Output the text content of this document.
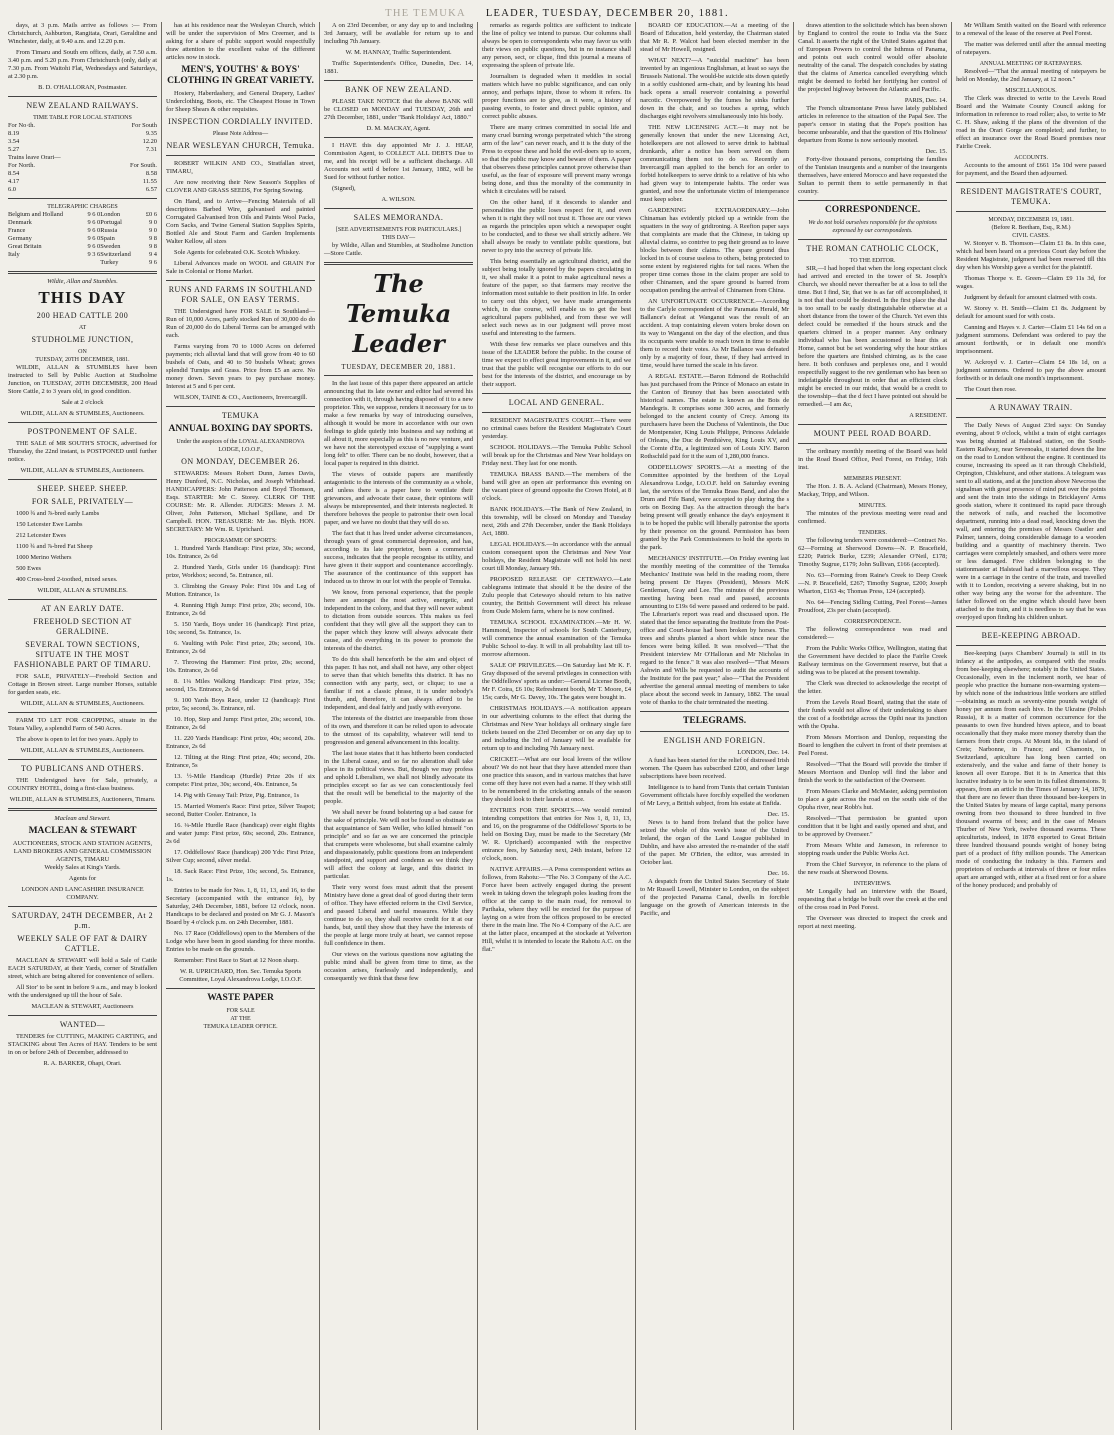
THE TEMUKA LEADER, TUESDAY, DECEMBER 20, 1881.

days, at 3 p.m. Mails arrive as follows :— From Christchurch, Ashburton, Rangitata, Orari, Geraldine and Winchester, daily, at 9.40 a.m. and 12.20 p.m.

From Timaru and South em offices, daily, at 7.50 a.m. 3.40 p.m. and 5.20 p.m. From Christchurch (only, daily at 7.30 p.m. From Waitohi Flat, Wednesdays and Saturdays, at 2.30 p.m.

B. D. O'HALLORAN, Postmaster.

NEW ZEALAND RAILWAYS.
TIME TABLE FOR LOCAL STATIONS
For No·th.	For South
8.19	9.35
3.54	12.20
5.27	7.31
Trains leave Orari—	
For North.	For South.
8.54	8.58
4.17	11.55
6.0	6.57
TELEGRAPHIC CHARGES
Belgium and Holland	9 6 0	London	£0 6
Denmark	9 6 0	Portugal	9 0
France	9 6 0	Russia	9 0
Germany	9 6 0	Spain	9 8
Great Britain	9 6 0	Sweden	9 8
Italy	9 3 6	Switzerland	9 4
		Turkey	9 6
Wildie, Allan and Stumbles.
THIS DAY
200 HEAD CATTLE 200
AT
STUDHOLME JUNCTION,
ON
TUESDAY, 20TH DECEMBER, 1881.

WILDIE, ALLAN & STUMBLES have been instructed to Sell by Public Auction at Studholme Junction, on TUESDAY, 20TH DECEMBER, 200 Head Store Cattle, 2 to 3 years old, in good condition.

Sale at 2 o'clock

WILDIE, ALLAN & STUMBLES, Auctioneers.

POSTPONEMENT OF SALE.

THE SALE of MR SOUTH'S STOCK, advertised for Thursday, the 22nd instant, is POSTPONED until further notice.

WILDIE, ALLAN & STUMBLES, Auctioneers.

SHEEP. SHEEP. SHEEP.
FOR SALE, PRIVATELY—

1000 ¾ and ⅞-bred early Lambs

150 Leicester Ewe Lambs

212 Leicester Ewes

1100 ¾ and ⅞-bred Fat Sheep

1000 Merino Wethers

500 Ewes

400 Cross-bred 2-toothed, mixed sexes.

WILDIE, ALLAN & STUMBLES.

AT AN EARLY DATE.
FREEHOLD SECTION AT GERALDINE.
SEVERAL TOWN SECTIONS, SITUATE IN THE MOST FASHIONABLE PART OF TIMARU.

FOR SALE, PRIVATELY—Freehold Section and Cottage in Brown street. Large number Horses, suitable for garden seats, etc.

WILDIE, ALLAN & STUMBLES, Auctioneers.

FARM TO LET FOR CROPPING, situate in the Totara Valley, a splendid Farm of 540 Acres.

The above is open to let for two years. Apply to

WILDIE, ALLAN & STUMBLES, Auctioneers.

TO PUBLICANS AND OTHERS.

THE Undersigned have for Sale, privately, a COUNTRY HOTEL, doing a first-class business.

WILDIE, ALLAN & STUMBLES, Auctioneers, Timaru.

Maclean and Stewart.
MACLEAN & STEWART
AUCTIONEERS, STOCK AND STATION AGENTS, LAND BROKERS AND GENERAL COMMISSION AGENTS, TIMARU

Weekly Sales at King's Yards.

Agents for

LONDON AND LANCASHIRE INSURANCE COMPANY.

SATURDAY, 24TH DECEMBER, At 2 p.m.
WEEKLY SALE OF FAT & DAIRY CATTLE.

MACLEAN & STEWART will hold a Sale of Cattle EACH SATURDAY, at their Yards, corner of Stratfallen street, which are being altered for convenience of sellers.

All Stor' to be sent in before 9 a.m., and may b looked with the undersigned up till the hour of Sale.

MACLEAN & STEWART, Auctioneers

WANTED—

TENDERS for CUTTING, MAKING CARTING, and STACKING about Ten Acres of HAY. Tenders to be sent in on or before 24th of December, addressed to

R. A. BARKER, Ohapi, Orari.

has at his residence near the Wesleyan Church, which will be under the supervision of Mrs Creemer, and is asking for a share of public support would respectfully draw attention to the excellent value of the different articles now in stock.

MEN'S, YOUTHS' & BOYS' CLOTHING IN GREAT VARIETY.

Hosiery, Haberdashery, and General Drapery, Ladies' Underclothing, Boots, etc. The Cheapest House in Town for Sheep Shears & other requisites.

INSPECTION CORDIALLY INVITED.
Please Note Address—
NEAR WESLEYAN CHURCH, Temuka.

ROBERT WILKIN AND CO., Stratfallan street, TIMARU,

Are now receiving their New Season's Supplies of CLOVER AND GRASS SEEDS, For Spring Sowing.

On Hand, and to Arrive—Fencing Materials of all descriptions Barbed Wire, galvanised and painted Corrugated Galvanised Iron Oils and Paints Wool Packs, Corn Sacks, and Twine General Station Supplies Spirits, Bottled Ale and Stout Farm and Garden Implements Walter Kellow, all sizes

Sole Agents for celebrated O.K. Scotch Whiskey.

Liberal Advances made on WOOL and GRAIN For Sale in Colonial or Home Market.

RUNS AND FARMS IN SOUTHLAND FOR SALE, ON EASY TERMS.

THE Undersigned have FOR SALE in Southland— Run of 10,000 Acres, partly stocked Run of 30,000 do do Run of 20,000 do do Liberal Terms can be arranged with each.

Farms varying from 70 to 1000 Acres on deferred payments; rich alluvial land that will grow from 40 to 60 bushels of Oats, and 40 to 50 bushels Wheat; grows splendid Turnips and Grass. Price from £5 an acre. No money down. Seven years to pay purchase money. Interest at 5 and 6 per cent.

WILSON, TAINE & CO., Auctioneers, Invercargill.

TEMUKA
ANNUAL BOXING DAY SPORTS.
Under the auspices of the LOYAL ALEXANDROVA LODGE, I.O.O.F.,
ON MONDAY, DECEMBER 26.

STEWARDS: Messrs Robert Dunn, James Davis, Henry Dunford, N.C. Nicholas, and Joseph Whitehead. HANDICAPPERS: John Patterson and Boyd Thomson, Esqs. STARTER: Mr C. Storey. CLERK OF THE COURSE: Mr. R. Allender. JUDGES: Messrs J. M. Oliver, John Patterson, Michael Spillane, and Dr Campbell. HON. TREASURER: Mr Jas. Blyth. HON. SECRETARY: Mr Wm. R. Uprichard.

PROGRAMME OF SPORTS:

1. Hundred Yards Handicap: First prize, 30s; second, 10s. Entrance, 2s 6d

2. Hundred Yards, Girls under 16 (handicap): First prize, Workbox; second, 5s. Entrance, nil.

3. Climbing the Greasy Pole: First 10s and Leg of Mutton. Entrance, 1s

4. Running High Jump: First prize, 20s; second, 10s. Entrance, 2s 6d

5. 150 Yards, Boys under 16 (handicap): First prize, 10s; second, 5s. Entrance, 1s.

6. Vaulting with Pole: First prize, 20s; second, 10s. Entrance, 2s 6d

7. Throwing the Hammer: First prize, 20s; second, 10s. Entrance, 2s 6d

8. 1¼ Miles Walking Handicap: First prize, 35s; second, 15s. Entrance, 2s 6d

9. 100 Yards Boys Race, under 12 (handicap): First prize, 5s; second, 3s. Entrance, nil.

10. Hop, Step and Jump: First prize, 20s; second, 10s. Entrance, 2s 6d

11. 220 Yards Handicap: First prize, 40s; second, 20s. Entrance, 2s 6d

12. Tilting at the Ring: First prize, 40s; second, 20s. Entrance, 5s

13. ½-Mile Handicap (Hurdle) Prize 20s if six compete: First prize, 30s; second, 40s. Entrance, 5s

14. Pig with Greasy Tail: Prize, Pig. Entrance, 1s

15. Married Women's Race: First prize, Silver Teapot; second, Butter Cooler. Entrance, 1s

16. ¼-Mile Hurdle Race (handicap) over eight flights and water jump: First prize, 60s; second, 20s. Entrance, 2s 6d

17. Oddfellows' Race (handicap) 200 Yds: First Prize, Silver Cup; second, silver medal.

18. Sack Race: First Prize, 10s; second, 5s. Entrance, 1s.

Entries to be made for Nos. 1, 8, 11, 13, and 16, to the Secretary (accompanied with the entrance fe), by Saturday, 24th December, 1881, before 12 o'clock, noon. Handicaps to be declared and posted on Mr G. J. Mason's Board by 4 o'clock p.m. on 24th December, 1881.

No. 17 Race (Oddfellows) open to the Members of the Lodge who have been in good standing for three months. Entries to be made on the grounds.

Remember: First Race to Start at 12 Noon sharp.

W. R. UPRICHARD, Hon. Sec. Temuka Sports Committee, Loyal Alexandrova Lodge, I.O.O.F.

WASTE PAPER
FOR SALE
AT THE
TEMUKA LEADER OFFICE.

A on 23rd December, or any day up to and including 3rd January, will be available for return up to and including 7th January.

W. M. HANNAY, Traffic Superintendent.

Traffic Superintendent's Office, Dunedin, Dec. 14, 1881.

BANK OF NEW ZEALAND.

PLEASE TAKE NOTICE that the above BANK will be CLOSED on MONDAY and TUESDAY, 26th and 27th December, 1881, under "Bank Holidays' Act, 1880."

D. M. MACKAY, Agent.

I HAVE this day appointed Mr J. J. HEAP, Commission Agent, to COLLECT ALL DEBTS Due to me, and his receipt will be a sufficient discharge. All Accounts not settl d before 1st January, 1882, will be Sued for without further notice.

(Signed),

A. WILSON.

SALES MEMORANDA.
[SEE ADVERTISEMENTS FOR PARTICULARS.]
THIS DAY—

by Wildie, Allan and Stumbles, at Studholme Junction—Store Cattle.

The Temuka Leader
TUESDAY, DECEMBER 20, 1881.

In the last issue of this paper there appeared an article announcing that its late owner and editor had severed his connection with it, through having disposed of it to a new proprietor. This, we suppose, renders it necessary for us to make a few remarks by way of introducing ourselves, although it would be more in accordance with our own feelings to glide quietly into business and say nothing at all about it, more especially as this is no new venture, and we have not the stereotyped excuse of "supplying a want long felt" to offer. There can be no doubt, however, that a local paper is required in this district.

The views of outside papers are manifestly antagonistic to the interests of the community as a whole, and unless there is a paper here to ventilate their grievances, and advocate their cause, their opinions will always be misrepresented, and their interests neglected. It therefore behoves the people to patronise their own local paper, and we have no doubt that they will do so.

The fact that it has lived under adverse circumstances, through years of great commercial depression, and has, according to its late proprietor, been a commercial success, indicates that the people recognise its utility, and have given it their support and countenance accordingly. The assurance of the continuance of this support has induced us to throw in our lot with the people of Temuka.

We know, from personal experience, that the people here are amongst the most active, energetic, and independent in the colony, and that they will never submit to dictation from outside sources. This makes us feel confident that they will give all the support they can to the paper which they know will always advocate their cause, and do everything in its power to promote the interests of the district.

To do this shall henceforth be the aim and object of this paper. It has not, and shall not have, any other object to serve than that which benefits this district. It has no connection with any party, sect, or clique; to use a familiar if not a classic phrase, it is under nobody's thumb, and, therefore, it can always afford to be independent, and deal fairly and justly with everyone.

The interests of the district are inseparable from those of its own, and therefore it can be relied upon to advocate to the utmost of its capability, whatever will tend to progression and general advancement in this locality.

The last issue states that it has hitherto been conducted in the Liberal cause, and so far no alteration shall take place in its political views. But, though we may profess and uphold Liberalism, we shall not blindly advocate its principles except so far as we can conscientiously feel that the result will be beneficial to the majority of the people.

We shall never be found bolstering up a bad cause for the sake of principle. We will not be found so obstinate as that acquaintance of Sam Weller, who killed himself "on principle" and so far as we are concerned the principle that crumpets were wholesome, but shall examine calmly and dispassionately, public questions from an independent standpoint, and support and condemn as we think they will affect the colony at large, and this district in particular.

Their very worst foes must admit that the present Ministry have done a great deal of good during their term of office. They have effected reform in the Civil Service, and passed Liberal and useful measures. While they continue to do so, they shall receive credit for it at our hands, but, until they show that they have the interests of the people at large more truly at heart, we cannot repose full confidence in them.

Our views on the various questions now agitating the public mind shall be given from time to time, as the occasion arises, fearlessly and independently, and consequently we think that these few

remarks as regards politics are sufficient to indicate the line of policy we intend to pursue. Our columns shall always be open to correspondents who may favor us with their views on public questions, but in no instance shall any person, sect, or clique, find this journal a means of expressing the spleen of private life.

Journalism is degraded when it meddles in social matters which have no public significance, and can only annoy, and perhaps injure, those to whom it refers. Its proper functions are to give, as it were, a history of passing events, to foster and direct public opinion, and correct public abuses.

There are many crimes committed in social life and many cruel burning wrongs perpetrated which "the strong arm of the law" can never reach, and it is the duty of the Press to expose these and hold the evil-doers up to scorn, so that the public may know and beware of them. A paper that observes these principles cannot prove otherwise than useful, as the fear of exposure will prevent many wrongs being done, and thus the morality of the community in which it circulates will be raised.

On the other hand, if it descends to slander and personalities the public loses respect for it, and even when it is right they will not trust it. Those are our views as regards the principles upon which a newspaper ought to be conducted, and to these we shall strictly adhere. We shall always be ready to ventilate public questions, but never to pry into the secrecy of private life.

This being essentially an agricultural district, and the subject being totally ignored by the papers circulating in it, we shall make it a point to make agricultural news a feature of the paper, so that farmers may receive the information most suitable to their position in life. In order to carry out this object, we have made arrangements which, in due course, will enable us to get the best agricultural papers published, and from these we will select such news as in our judgment will prove most useful and interesting to the farmers.

With these few remarks we place ourselves and this issue of the LEADER before the public. In the course of time we expect to effect great improvements in it, and we trust that the public will recognise our efforts to do our best for the interests of the district, and encourage us by their support.

LOCAL AND GENERAL.

RESIDENT MAGISTRATE'S COURT.—There were no criminal cases before the Resident Magistrate's Court yesterday.

SCHOOL HOLIDAYS.—The Temuka Public School will break up for the Christmas and New Year holidays on Friday next. They last for one month.

TEMUKA BRASS BAND.—The members of the band will give an open air performance this evening on the vacant piece of ground opposite the Crown Hotel, at 8 o'clock.

BANK HOLIDAYS.—The Bank of New Zealand, in this township, will be closed on Monday and Tuesday next, 26th and 27th December, under the Bank Holidays Act, 1880.

LEGAL HOLIDAYS.—In accordance with the annual custom consequent upon the Christmas and New Year holidays, the Resident Magistrate will not hold his next court till Monday, January 9th.

PROPOSED RELEASE OF CETEWAYO.—Late cablegrams intimate that should it be the desire of the Zulu people that Cetewayo should return to his native country, the British Government will direct his release from Oude Molem farm, where he is now confined.

TEMUKA SCHOOL EXAMINATION.—Mr H. W. Hammond, Inspector of schools for South Canterbury, will commence the annual examination of the Temuka Public School to-day. It will in all probability last till to-morrow afternoon.

SALE OF PRIVILEGES.—On Saturday last Mr K. F. Gray disposed of the several privileges in connection with the Oddfellows' sports as under:—General License Booth, Mr F. Coira, £6 10s; Refreshment booth, Mr T. Moore, £4 15s; cards, Mr G. Davey, 10s. The gates were bought in.

CHRISTMAS HOLIDAYS.—A notification appears in our advertising columns to the effect that during the Christmas and New Year holidays all ordinary single fare tickets issued on the 23rd December or on any day up to and including the 3rd of January will be available for return up to and including 7th January next.

CRICKET.—What are our local lovers of the willow about? We do not hear that they have attended more than one practice this season, and in various matches that have come off they have not even had a name. If they wish still to be remembered in the cricketing annals of the season they should look to their laurels at once.

ENTRIES FOR THE SPORTS.—We would remind intending competitors that entries for Nos 1, 8, 11, 13, and 16, on the programme of the Oddfellows' Sports to be held on Boxing Day, must be made to the Secretary (Mr W. R. Uprichard) accompanied with the respective entrance fees, by Saturday next, 24th instant, before 12 o'clock, noon.

NATIVE AFFAIRS.—A Press correspondent writes as follows, from Rahotu:—"The No. 3 Company of the A.C. Force have been actively engaged during the present week in taking down the telegraph poles leading from the office at the camp to the main road, for removal to Parihaka, where they will be erected for the purpose of laying on a wire from the offices proposed to be erected there in the main line. The No 4 Company of the A.C. are at the latter place, encamped at the stockade at Yelverton Hill, whilst it is intended to locate the Rahotu A.C. on the flat."

BOARD OF EDUCATION.—At a meeting of the Board of Education, held yesterday, the Chairman stated that Mr R. P. Walcot had been elected member in the stead of Mr Howell, resigned.

WHAT NEXT?—A "suicidal machine" has been invented by an ingenious Englishman, at least so says the Brussels National. The would-be suicide sits down quietly in a softly cushioned arm-chair, and by leaning his head back opens a small reservoir containing a powerful narcotic. Overpowered by the fumes he sinks further down in the chair, and so touches a spring, which discharges eight revolvers simultaneously into his body.

THE NEW LICENSING ACT.—It may not be generally known that under the new Licensing Act, hotelkeepers are not allowed to serve drink to habitual drunkards, after a notice has been served on them communicating them not to do so. Recently an Invercargill man applied to the bench for an order to forbid hotelkeepers to serve drink to a relative of his who had given way to intemperate habits. The order was granted, and now the unfortunate victim of intemperance must keep sober.

GARDENING EXTRAORDINARY.—John Chinaman has evidently picked up a wrinkle from the squatters in the way of gridironing. A Reefton paper says that complaints are made that the Chinese, in taking up alluvial claims, so contrive to peg their ground as to leave blocks between their claims. The spare ground thus locked in is of course useless to others, being protected to some extent by registered rights for tail races. When the proper time comes those in the claim proper are sold to other Chinamen, and the spare ground is barred from occupation pending the arrival of Chinamen from China.

AN UNFORTUNATE OCCURRENCE.—According to the Carlyle correspondent of the Paramata Herald, Mr Ballance's defeat at Wanganui was the result of an accident. A trap containing eleven voters broke down on its way to Wanganui on the day of the election, and thus its occupants were unable to reach town in time to enable them to record their votes. As Mr Ballance was defeated only by a majority of four, these, if they had arrived in time, would have turned the scale in his favor.

A REGAL ESTATE.—Baron Edmond de Rothschild has just purchased from the Prince of Monaco an estate in the Canton of Brunoy that has been associated with historical names. The estate is known as the Bois de Mandegris. It comprises some 300 acres, and formerly belonged to the ancient county of Crecy. Among its purchasers have been the Duchess of Valentinois, the Duc de Montpensier, King Louis Philippe, Princess Adelaide of Orleans, the Duc de Penthièvre, King Louis XV, and the Comte d'Eu, a legitimized son of Louis XIV. Baron Rothschild paid for it the sum of 1,280,000 francs.

ODDFELLOWS' SPORTS.—At a meeting of the Committee appointed by the brethren of the Loyal Alexandrova Lodge, I.O.O.F. held on Saturday evening last, the services of the Temuka Brass Band, and also the Drum and Fife Band, were accepted to play during the s orts on Boxing Day. As the attraction through the bar's being present will greatly enhance the day's enjoyment it is to be hoped the public will liberally patronise the sports by their presence on the ground. Permission has been granted by the Park Commissioners to hold the sports in the park.

MECHANICS' INSTITUTE.—On Friday evening last the monthly meeting of the committee of the Temuka Mechanics' Institute was held in the reading room, there being present Dr Hayes (President), Messrs McK Gentleman, Gray and Lee. The minutes of the previous meeting having been read and passed, accounts amounting to £19s 6d were passed and ordered to be paid. The Librarian's report was read and discussed upon. He stated that the fence separating the Institute from the Post-office and Court-house had been broken by horses. The trees and shrubs planted a short while since near the fences were being killed. It was resolved—"That the President interview Mr O'Halloran and Mr Nicholas in regard to the fence." It was also resolved—"That Messrs Ashwin and Wills be requested to audit the accounts of the Institute for the past year;" also—"That the President advertise the general annual meeting of members to take place about the second week in January, 1882. The usual vote of thanks to the chair terminated the meeting.

TELEGRAMS.
ENGLISH AND FOREIGN.
LONDON, Dec. 14.

A fund has been started for the relief of distressed Irish women. The Queen has subscribed £200, and other large subscriptions have been received.

Intelligence is to hand from Tunis that certain Tunisian Government officials have forcibly expelled the workmen of Mr Levy, a British subject, from his estate at Enfida.

Dec. 15.

News is to hand from Ireland that the police have seized the whole of this week's issue of the United Ireland, the organ of the Land League published in Dublin, and have also arrested the re-mainder of the staff of the paper. Mr O'Brien, the editor, was arrested in October last.

Dec. 16.

A despatch from the United States Secretary of State to Mr Russell Lowell, Minister to London, on the subject of the projected Panama Canal, dwells in forcible language on the growth of American interests in the Pacific, and

draws attention to the solicitude which has been shown by England to control the route to India via the Suez Canal. It asserts the right of the United States against that of European Powers to control the Isthmus of Panama, and points out such control would offer absolute neutrality of the canal. The despatch concludes by stating that the claims of America cancelled everything which might be deemed to forbid her fortifying her control of the projected highway between the Atlantic and Pacific.

PARIS, Dec. 14.

The French ultramontane Press have lately published articles in reference to the situation of the Papal See. The paper's censor in stating that the Pope's position has become unbearable, and that the question of His Holiness' departure from Rome is now seriously mooted.

Dec. 15.

Forty-five thousand persons, comprising the families of the Tunisian insurgents and a number of the insurgents themselves, have entered Morocco and have requested the Sultan to permit them to settle permanently in that country.

CORRESPONDENCE.
We do not hold ourselves responsible for the opinions expressed by our correspondents.
THE ROMAN CATHOLIC CLOCK,
TO THE EDITOR.

SIR,—I had hoped that when the long expectant clock had arrived and erected in the tower of St. Joseph's Church, we should never thereafter be at a loss to tell the time. But I find, Sir, that we is as far off accomplished, it is not that that could be desired. In the first place the dial is too small to be easily distinguishable otherwise at a short distance from the tower of the Church. Yet even this defect could be remedied if the hours struck and the quarters chimed in a proper manner. Any ordinary individual who has been accustomed to hear this at Home, cannot but be set wondering why the hour strikes before the quarters are finished chiming, as is the case here. It both confuses and perplexes one, and I would respectfully suggest to the rev gentleman who has been so indefatigable throughout in order that an efficient clock might be erected in our midst, that would be a credit to the township—that the d fect I have pointed out should be remedied.—I am &c,

A RESIDENT.
MOUNT PEEL ROAD BOARD.

The ordinary monthly meeting of the Board was held in the Road Board Office, Peel Forest, on Friday, 16th inst.

MEMBERS PRESENT.

The Hon. J. B. A. Acland (Chairman), Messrs Honey, Mackay, Tripp, and Wilson.

MINUTES.

The minutes of the previous meeting were read and confirmed.

TENDERS.

The following tenders were considered:—Contract No. 62—Forming at Sherwood Downs—N. P. Bracefield, £220; Patrick Burke, £239; Alexander O'Neil, £178; Timothy Sugrue, £179; John Sullivan, £166 (accepted).

No. 63—Forming from Raine's Creek to Deep Creek—N. P. Bracefield, £267; Timothy Sugrue, £200; Joseph Wharton, £163 4s; Thomas Press, 124 (accepted).

No. 64—Fencing Sidling Cutting, Peel Forest—James Proudfoot, 23s per chain (accepted).

CORRESPONDENCE.

The following correspondence was read and considered:—

From the Public Works Office, Wellington, stating that the Government have decided to place the Fairlie Creek Railway terminus on the Government reserve, but that a siding was to be placed at the present township.

The Clerk was directed to acknowledge the receipt of the letter.

From the Levels Road Board, stating that the state of their funds would not allow of their undertaking to share the cost of a footbridge across the Opihi near its junction with the Opuha.

From Messrs Morrison and Dunlop, requesting the Board to lengthen the culvert in front of their premises at Peel Forest.

Resolved—"That the Board will provide the timber if Messrs Morrison and Dunlop will find the labor and finish the work to the satisfaction of the Overseer.

From Messrs Clarke and McMaster, asking permission to place a gate across the road on the south side of the Opuha river, near Robb's hut.

Resolved—"That permission be granted upon condition that it be light and easily opened and shut, and to be approved by Overseer."

From Messrs White and Jameson, in reference to stopping roads under the Public Works Act.

From the Chief Surveyor, in reference to the plans of the new roads at Sherwood Downs.

INTERVIEWS.

Mr Longally had an interview with the Board, requesting that a bridge be built over the creek at the end of the cross road in Peel Forest.

The Overseer was directed to inspect the creek and report at next meeting.

Mr William Smith waited on the Board with reference to a renewal of the lease of the reserve at Peel Forest.

The matter was deferred until after the annual meeting of ratepayers.

ANNUAL MEETING OF RATEPAYERS.

Resolved—"That the annual meeting of ratepayers be held on Monday, the 2nd January, at 12 noon."

MISCELLANEOUS.

The Clerk was directed to write to the Levels Road Board and the Waimate County Council asking for information in reference to road roller; also, to write to Mr C. H. Shaw, asking if the plans of the diversion of the road in the Orari Gorge are completed; and further, to effect an insurance over the Road Board premises near Fairlie Creek.

ACCOUNTS.

Accounts to the amount of £661 15s 10d were passed for payment, and the Board then adjourned.

RESIDENT MAGISTRATE'S COURT, TEMUKA.
MONDAY, DECEMBER 19, 1881.
(Before R. Beetham, Esq., R.M.)
CIVIL CASES.

W. Stonyer v. B. Thomson—Claim £1 8s. In this case, which had been heard on a previous Court day before the Resident Magistrate, judgment had been reserved till this day when his Worship gave a verdict for the plaintiff.

Thomas Thorpe v. E. Green—Claim £9 11s 3d, for wages.

Judgment by default for amount claimed with costs.

W. Storey v. H. Smith—Claim £1 8s. Judgment by default for amount sued for with costs.

Canning and Hayes v. J. Carter—Claim £1 14s 6d on a judgment summons. Defendant was ordered to pay the amount forthwith, or in default one month's imprisonment.

W. Ackroyd v. J. Carter—Claim £4 18s 1d, on a judgment summons. Ordered to pay the above amount forthwith or in default one month's imprisonment.

The Court then rose.

A RUNAWAY TRAIN.

The Daily News of August 23rd says: On Sunday evening, about 9 o'clock, whilst a train of eight carriages was being shunted at Halstead station, on the South-Eastern Railway, near Sevenoaks, it started down the line on the road to London without the engine. It continued its course, increasing its speed as it ran through Chelsfield, Orpington, Chislehurst, and other stations. A telegram was sent to all stations, and at the junction above Newcross the signalman with great presence of mind put over the points and sent the train into the sidings in Bricklayers' Arms goods station, where it continued its rapid pace through the network of rails, and reached the locomotive department, running into a dead road, knocking down the wall, and entering the premises of Messrs Oastler and Palmer, tanners, doing considerable damage to a wooden building and a quantity of machinery therein. Two carriages were completely smashed, and others were more or less damaged. Five children belonging to the stationmaster at Halstead had a marvellous escape. They were in a carriage in the centre of the train, and travelled with it to London, receiving a severe shaking, but in no other way being any the worse for the adventure. The father followed on the engine which should have been attached to the train, and it is needless to say that he was overjoyed upon finding his children unhurt.

BEE-KEEPING ABROAD.

Bee-keeping (says Chambers' Journal) is still in its infancy at the antipodes, as compared with the results from bee-keeping elsewhere; notably in the United States. Occasionally, even in the inclement north, we hear of people who practice the humane non-swarming system—by which none of the industrious little workers are stifled—obtaining as much as seventy-nine pounds weight of honey per annum from each hive. In the Ukraine (Polish Russia), it is a matter of common occurrence for the peasants to own five hundred hives apiece, and to boast occasionally that they make more money thereby than the farmers from their crops. At Mount Ida, in the island of Crete; Narbonne, in France; and Chamonix, in Switzerland, apiculture has long been carried on extensively, and the value and fame of their honey is known all over Europe. But it is in America that this lucrative industry is to be seen in its fullest dimensions. It appears, from an article in the Times of January 14, 1879, that there are no fewer than three thousand bee-keepers in the United States by means of large capital, many persons owning from two thousand to three hundred in five thousand swarms of bees; and in the case of Messrs Thurber of New York, twelve thousand swarms. These apiculturists, indeed, in 1878 exported to Great Britain three hundred thousand pounds weight of honey being part of a product of fifty million pounds. The American mode of conducting the industry is this. Farmers and proprietors of orchards at intervals of three or four miles apart are arranged with, either at a fixed rent or for a share of the honey produced; and probably of
